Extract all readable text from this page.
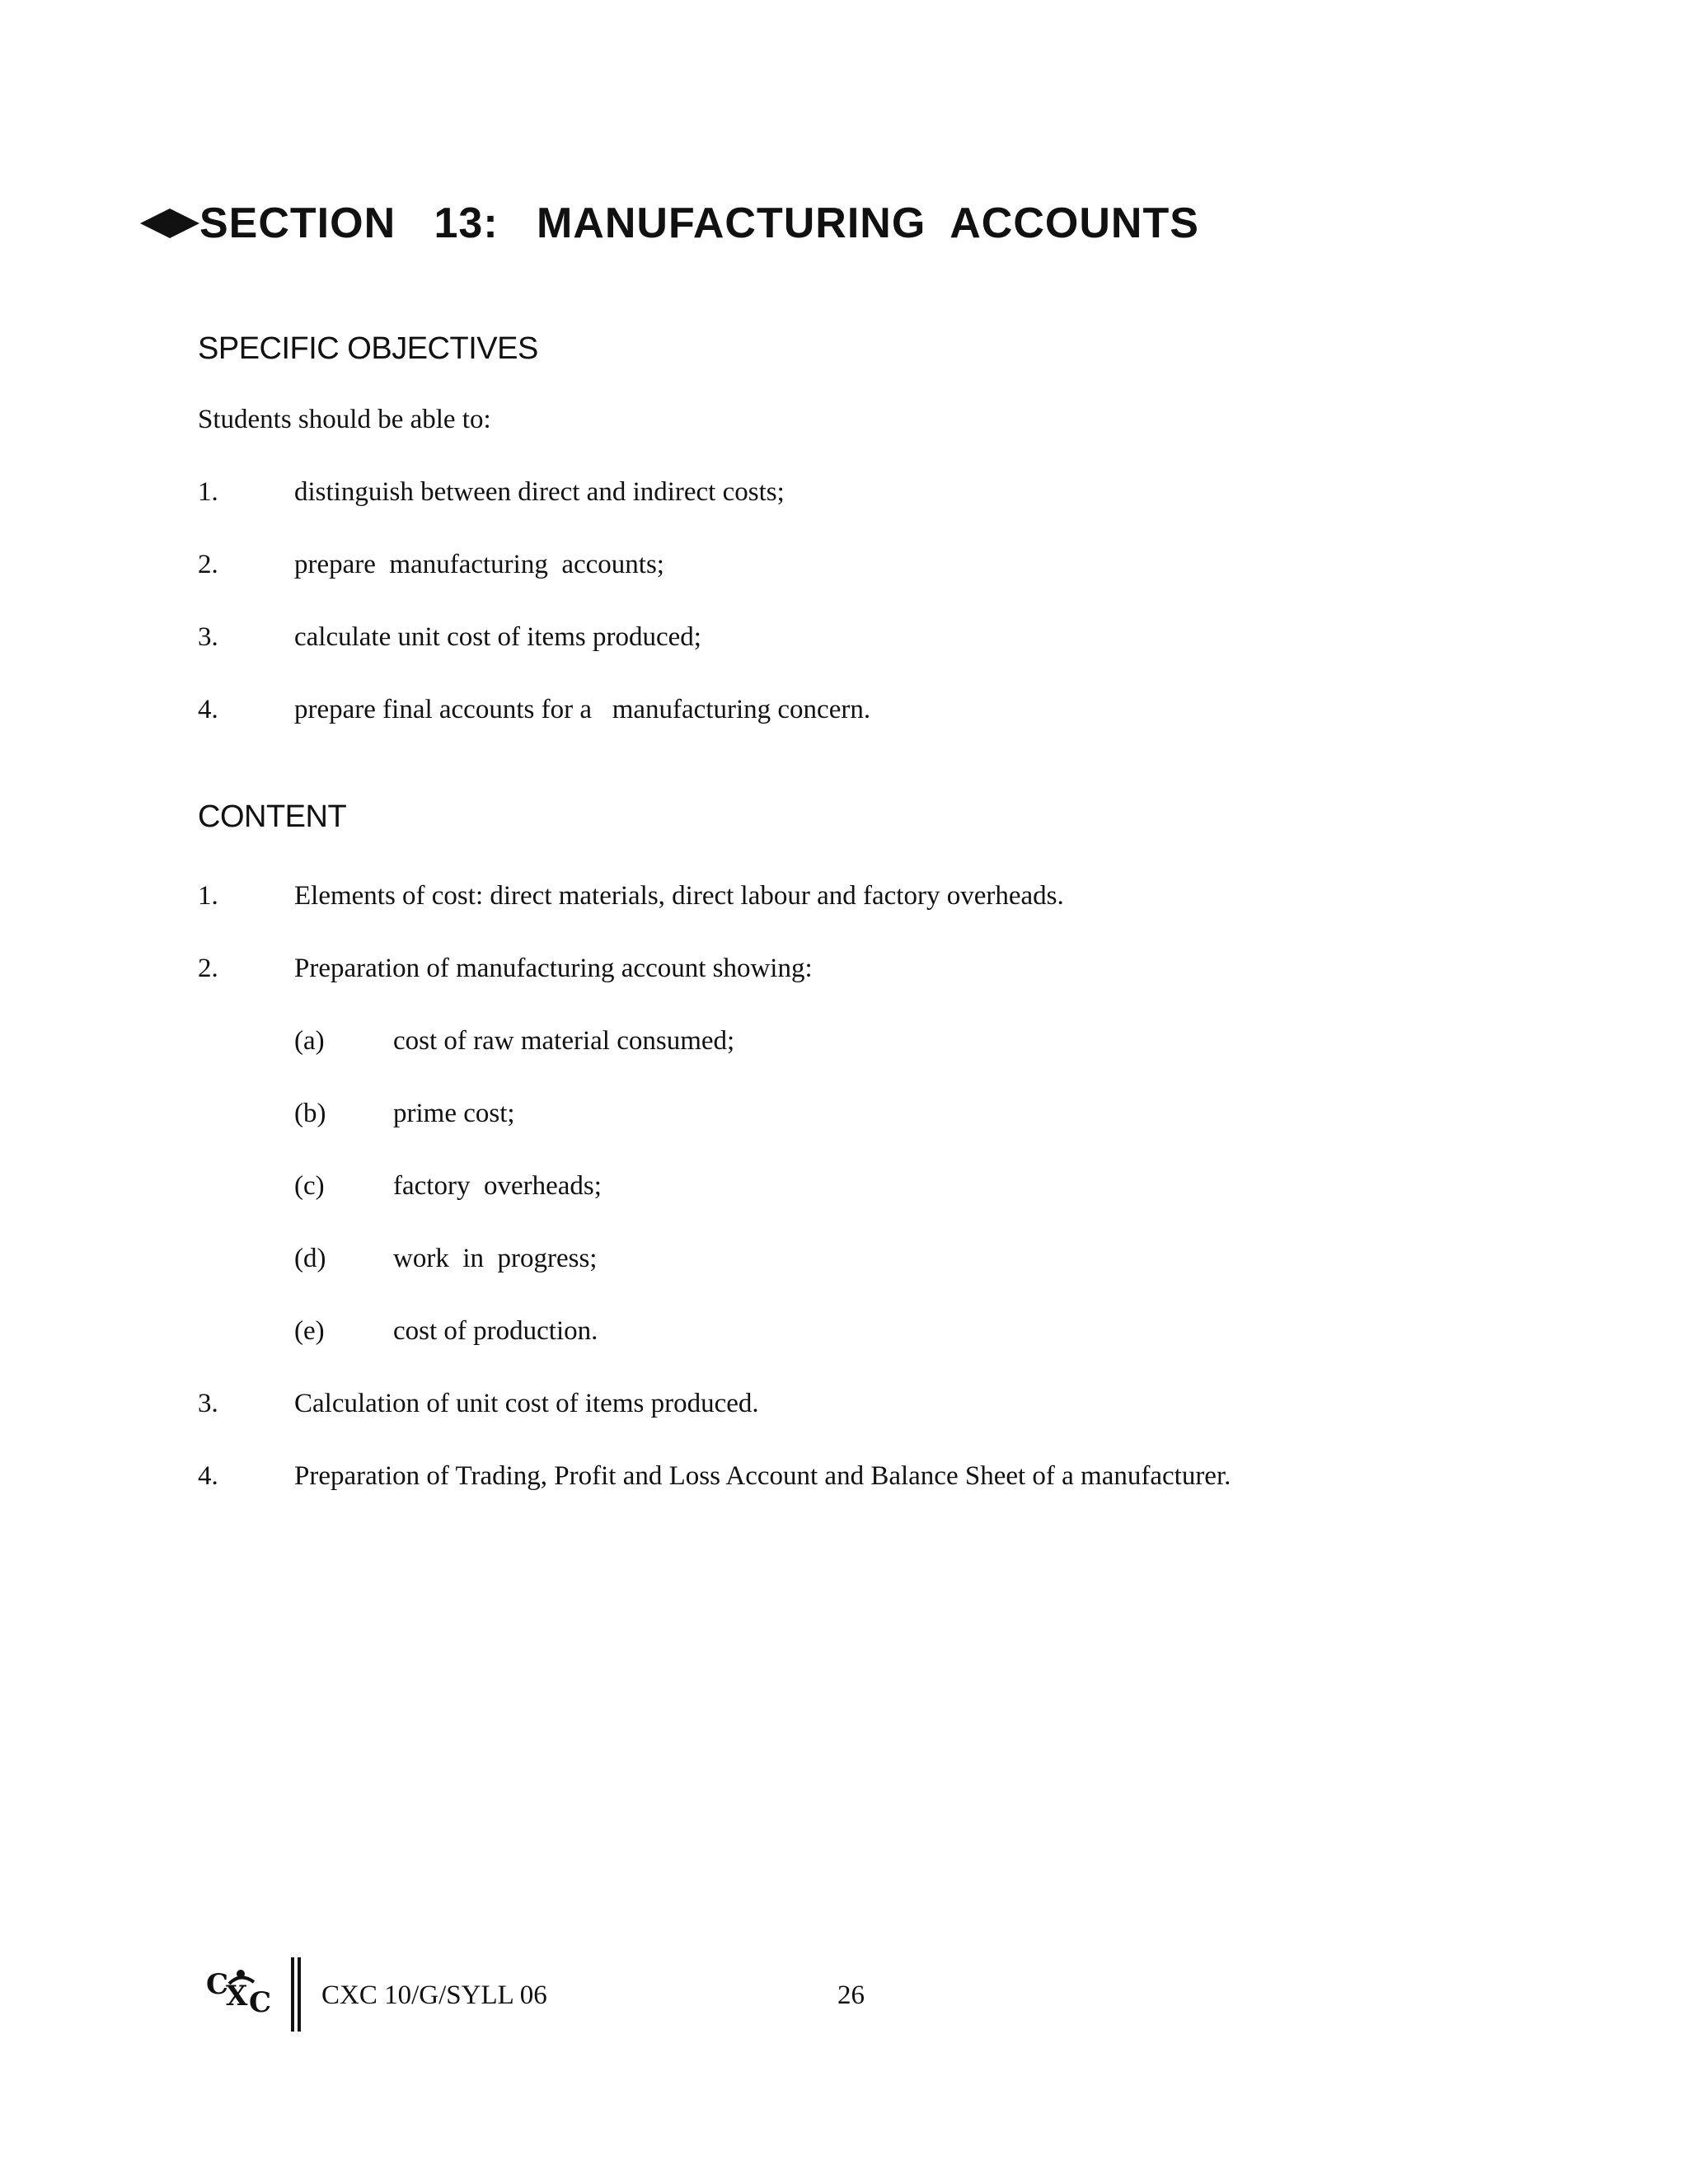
SECTION   13:   MANUFACTURING  ACCOUNTS
SPECIFIC OBJECTIVES
Students should be able to:
1.	distinguish between direct and indirect costs;
2.	prepare  manufacturing  accounts;
3.	calculate unit cost of items produced;
4.	prepare final accounts for a   manufacturing concern.
CONTENT
1.	Elements of cost: direct materials, direct labour and factory overheads.
2.	Preparation of manufacturing account showing:
(a)	cost of raw material consumed;
(b) prime cost;
(c)	factory  overheads;
(d) work  in  progress;
(e)	cost of production.
3.	Calculation of unit cost of items produced.
4.	Preparation of Trading, Profit and Loss Account and Balance Sheet of a manufacturer.
C
X C CXC 10/G/SYLL 06	26
